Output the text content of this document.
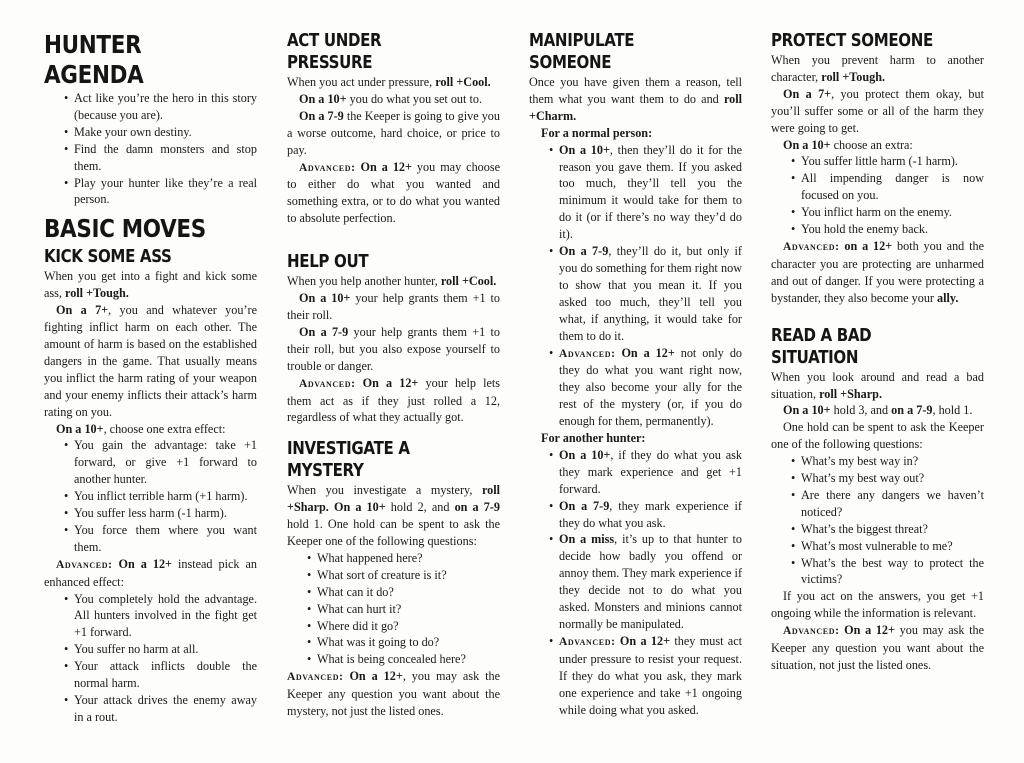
HUNTER AGENDA
• Act like you’re the hero in this story (because you are).
• Make your own destiny.
• Find the damn monsters and stop them.
• Play your hunter like they’re a real person.
BASIC MOVES
KICK SOME ASS

When you get into a fight and kick some ass, roll +Tough.

On a 7+, you and whatever you’re fighting inflict harm on each other. The amount of harm is based on the established dangers in the game. That usually means you inflict the harm rating of your weapon and your enemy inflicts their attack’s harm rating on you.

On a 10+, choose one extra effect:

• You gain the advantage: take +1 forward, or give +1 forward to another hunter.
• You inflict terrible harm (+1 harm).
• You suffer less harm (-1 harm).
• You force them where you want them.

Advanced: On a 12+ instead pick an enhanced effect:

• You completely hold the advantage. All hunters involved in the fight get +1 forward.
• You suffer no harm at all.
• Your attack inflicts double the normal harm.
• Your attack drives the enemy away in a rout.
ACT UNDER PRESSURE

When you act under pressure, roll +Cool.

On a 10+ you do what you set out to.

On a 7-9 the Keeper is going to give you a worse outcome, hard choice, or price to pay.

Advanced: On a 12+ you may choose to either do what you wanted and something extra, or to do what you wanted to absolute perfection.

HELP OUT

When you help another hunter, roll +Cool.

On a 10+ your help grants them +1 to their roll.

On a 7-9 your help grants them +1 to their roll, but you also expose yourself to trouble or danger.

Advanced: On a 12+ your help lets them act as if they just rolled a 12, regardless of what they actually got.

INVESTIGATE A MYSTERY

When you investigate a mystery, roll +Sharp. On a 10+ hold 2, and on a 7-9 hold 1. One hold can be spent to ask the Keeper one of the following questions:

• What happened here?
• What sort of creature is it?
• What can it do?
• What can hurt it?
• Where did it go?
• What was it going to do?
• What is being concealed here?

Advanced: On a 12+, you may ask the Keeper any question you want about the mystery, not just the listed ones.

MANIPULATE SOMEONE

Once you have given them a reason, tell them what you want them to do and roll +Charm.

For a normal person:

• On a 10+, then they’ll do it for the reason you gave them. If you asked too much, they’ll tell you the minimum it would take for them to do it (or if there’s no way they’d do it).
• On a 7-9, they’ll do it, but only if you do something for them right now to show that you mean it. If you asked too much, they’ll tell you what, if anything, it would take for them to do it.
• Advanced: On a 12+ not only do they do what you want right now, they also become your ally for the rest of the mystery (or, if you do enough for them, permanently).

For another hunter:

• On a 10+, if they do what you ask they mark experience and get +1 forward.
• On a 7-9, they mark experience if they do what you ask.
• On a miss, it’s up to that hunter to decide how badly you offend or annoy them. They mark experience if they decide not to do what you asked. Monsters and minions cannot normally be manipulated.
• Advanced: On a 12+ they must act under pressure to resist your request. If they do what you ask, they mark one experience and take +1 ongoing while doing what you asked.
PROTECT SOMEONE

When you prevent harm to another character, roll +Tough.

On a 7+, you protect them okay, but you’ll suffer some or all of the harm they were going to get.

On a 10+ choose an extra:

• You suffer little harm (-1 harm).
• All impending danger is now focused on you.
• You inflict harm on the enemy.
• You hold the enemy back.

Advanced: on a 12+ both you and the character you are protecting are unharmed and out of danger. If you were protecting a bystander, they also become your ally.

READ A BAD SITUATION

When you look around and read a bad situation, roll +Sharp.

On a 10+ hold 3, and on a 7-9, hold 1.

One hold can be spent to ask the Keeper one of the following questions:

• What’s my best way in?
• What’s my best way out?
• Are there any dangers we haven’t noticed?
• What’s the biggest threat?
• What’s most vulnerable to me?
• What’s the best way to protect the victims?

If you act on the answers, you get +1 ongoing while the information is relevant.

Advanced: On a 12+ you may ask the Keeper any question you want about the situation, not just the listed ones.
